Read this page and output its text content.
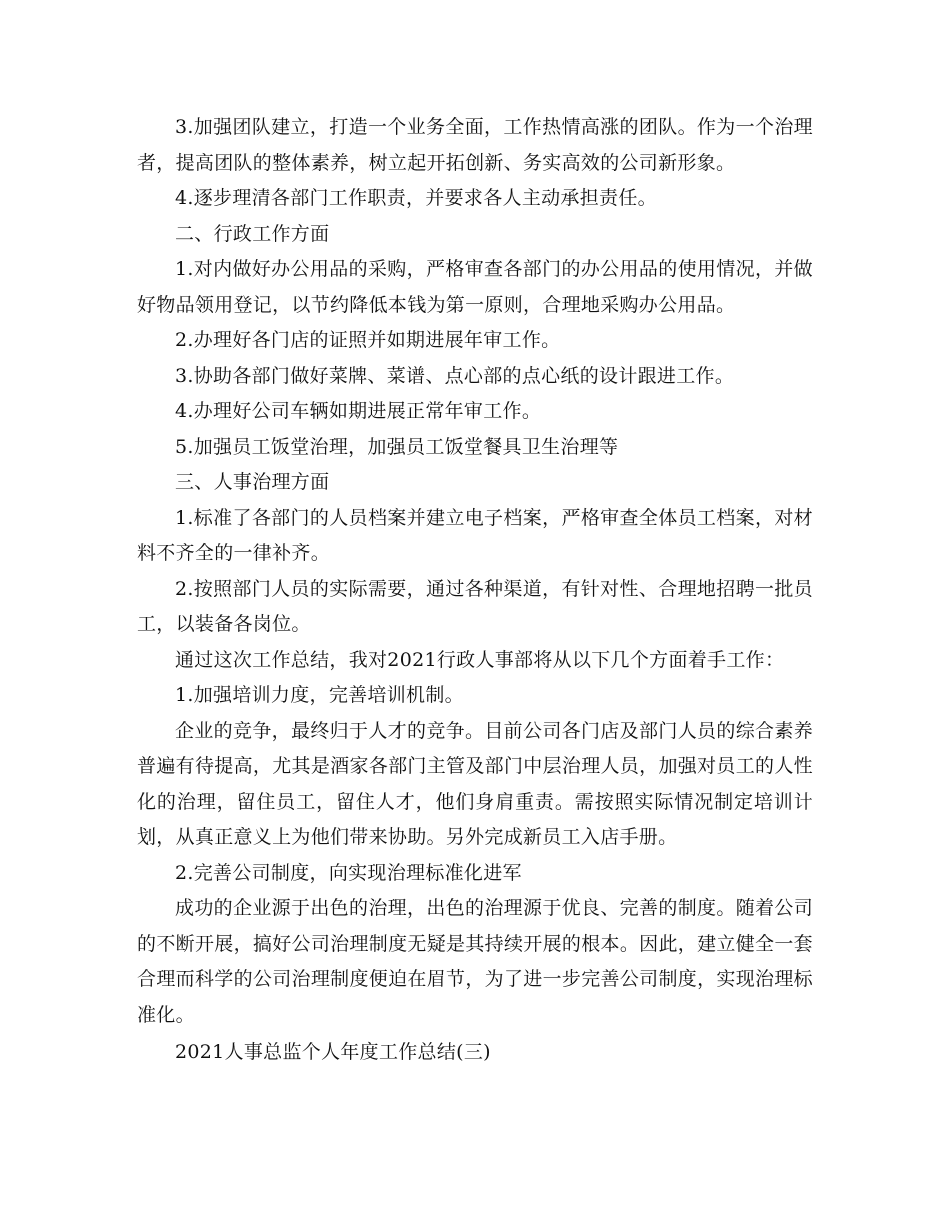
3.加强团队建立，打造一个业务全面，工作热情高涨的团队。作为一个治理者，提高团队的整体素养，树立起开拓创新、务实高效的公司新形象。

4.逐步理清各部门工作职责，并要求各人主动承担责任。

二、行政工作方面

1.对内做好办公用品的采购，严格审查各部门的办公用品的使用情况，并做好物品领用登记，以节约降低本钱为第一原则，合理地采购办公用品。

2.办理好各门店的证照并如期进展年审工作。

3.协助各部门做好菜牌、菜谱、点心部的点心纸的设计跟进工作。

4.办理好公司车辆如期进展正常年审工作。

5.加强员工饭堂治理，加强员工饭堂餐具卫生治理等

三、人事治理方面

1.标准了各部门的人员档案并建立电子档案，严格审查全体员工档案，对材料不齐全的一律补齐。

2.按照部门人员的实际需要，通过各种渠道，有针对性、合理地招聘一批员工，以装备各岗位。

通过这次工作总结，我对2021行政人事部将从以下几个方面着手工作：

1.加强培训力度，完善培训机制。

企业的竞争，最终归于人才的竞争。目前公司各门店及部门人员的综合素养普遍有待提高，尤其是酒家各部门主管及部门中层治理人员，加强对员工的人性化的治理，留住员工，留住人才，他们身肩重责。需按照实际情况制定培训计划，从真正意义上为他们带来协助。另外完成新员工入店手册。

2.完善公司制度，向实现治理标准化进军

成功的企业源于出色的治理，出色的治理源于优良、完善的制度。随着公司的不断开展，搞好公司治理制度无疑是其持续开展的根本。因此，建立健全一套合理而科学的公司治理制度便迫在眉节，为了进一步完善公司制度，实现治理标准化。

2021人事总监个人年度工作总结(三)
